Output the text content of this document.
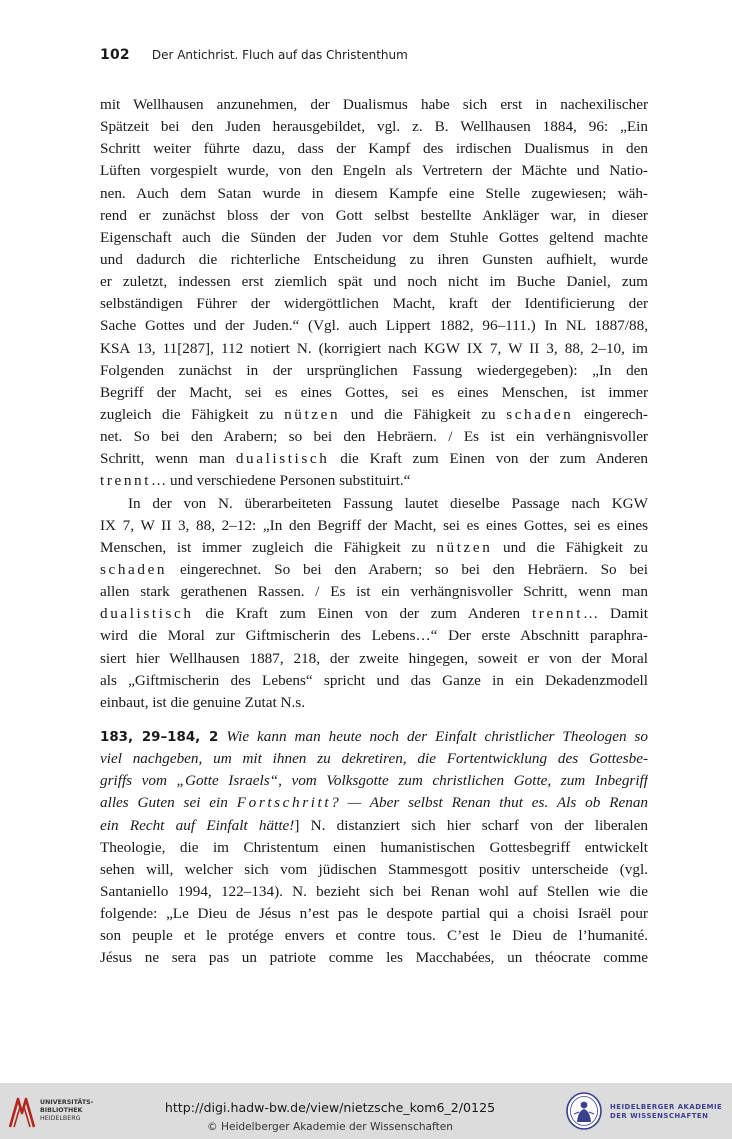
102 Der Antichrist. Fluch auf das Christenthum
mit Wellhausen anzunehmen, der Dualismus habe sich erst in nachexilischer
Spätzeit bei den Juden herausgebildet, vgl. z. B. Wellhausen 1884, 96: „Ein
Schritt weiter führte dazu, dass der Kampf des irdischen Dualismus in den
Lüften vorgespielt wurde, von den Engeln als Vertretern der Mächte und Natio-
nen. Auch dem Satan wurde in diesem Kampfe eine Stelle zugewiesen; wäh-
rend er zunächst bloss der von Gott selbst bestellte Ankläger war, in dieser
Eigenschaft auch die Sünden der Juden vor dem Stuhle Gottes geltend machte
und dadurch die richterliche Entscheidung zu ihren Gunsten aufhielt, wurde
er zuletzt, indessen erst ziemlich spät und noch nicht im Buche Daniel, zum
selbständigen Führer der widergöttlichen Macht, kraft der Identificierung der
Sache Gottes und der Juden.“ (Vgl. auch Lippert 1882, 96–111.) In NL 1887/88,
KSA 13, 11[287], 112 notiert N. (korrigiert nach KGW IX 7, W II 3, 88, 2–10, im
Folgenden zunächst in der ursprünglichen Fassung wiedergegeben): „In den
Begriff der Macht, sei es eines Gottes, sei es eines Menschen, ist immer
zugleich die Fähigkeit zu nützen und die Fähigkeit zu schaden eingerech-
net. So bei den Arabern; so bei den Hebräern. / Es ist ein verhängnisvoller
Schritt, wenn man dualistisch die Kraft zum Einen von der zum Anderen
trennt… und verschiedene Personen substituirt.“
In der von N. überarbeiteten Fassung lautet dieselbe Passage nach KGW
IX 7, W II 3, 88, 2–12: „In den Begriff der Macht, sei es eines Gottes, sei es eines
Menschen, ist immer zugleich die Fähigkeit zu nützen und die Fähigkeit zu
schaden eingerechnet. So bei den Arabern; so bei den Hebräern. So bei
allen stark gerathenen Rassen. / Es ist ein verhängnisvoller Schritt, wenn man
dualistisch die Kraft zum Einen von der zum Anderen trennt… Damit
wird die Moral zur Giftmischerin des Lebens…“ Der erste Abschnitt paraphra-
siert hier Wellhausen 1887, 218, der zweite hingegen, soweit er von der Moral
als „Giftmischerin des Lebens“ spricht und das Ganze in ein Dekadenzmodell
einbaut, ist die genuine Zutat N.s.
183, 29–184, 2 Wie kann man heute noch der Einfalt christlicher Theologen so
viel nachgeben, um mit ihnen zu dekretiren, die Fortentwicklung des Gottesbe-
griffs vom „Gotte Israels“, vom Volksgotte zum christlichen Gotte, zum Inbegriff
alles Guten sei ein Fortschritt? — Aber selbst Renan thut es. Als ob Renan
ein Recht auf Einfalt hätte!] N. distanziert sich hier scharf von der liberalen
Theologie, die im Christentum einen humanistischen Gottesbegriff entwickelt
sehen will, welcher sich vom jüdischen Stammesgott positiv unterscheide (vgl.
Santaniello 1994, 122–134). N. bezieht sich bei Renan wohl auf Stellen wie die
folgende: „Le Dieu de Jésus n’est pas le despote partial qui a choisi Israël pour
son peuple et le protége envers et contre tous. C’est le Dieu de l’humanité.
Jésus ne sera pas un patriote comme les Macchabées, un théocrate comme
UNIVERSITÄTS-
BIBLIOTHEK
HEIDELBERG
http://digi.hadw-bw.de/view/nietzsche_kom6_2/0125
© Heidelberger Akademie der Wissenschaften
HEIDELBERGER AKADEMIE
DER WISSENSCHAFTEN
